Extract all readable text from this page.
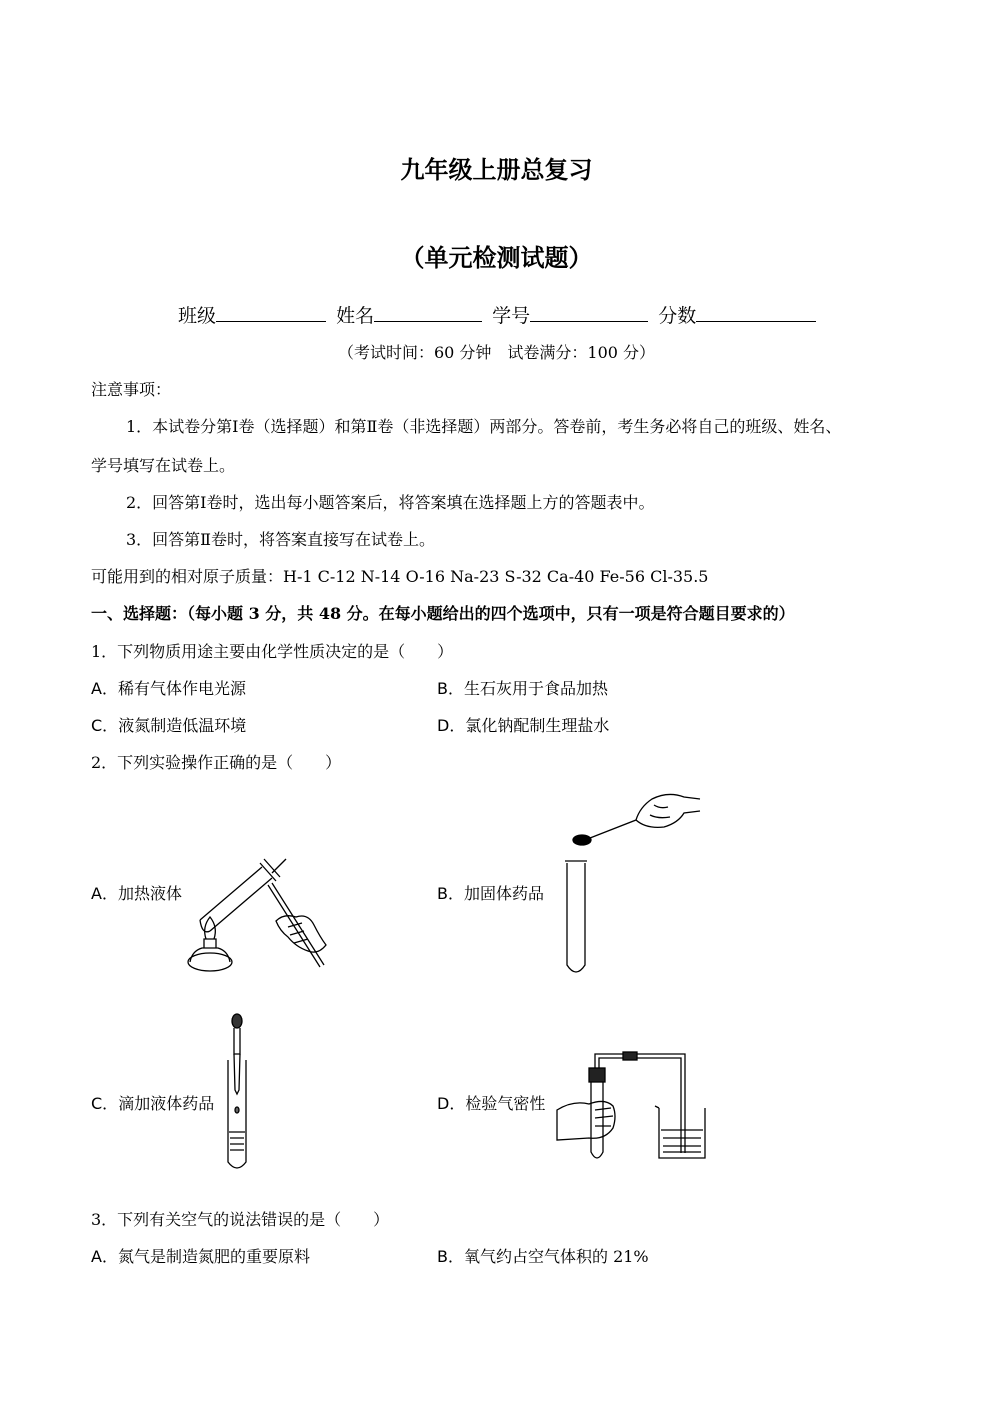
九年级上册总复习
（单元检测试题）
班级	姓名	学号	分数
（考试时间：60 分钟　试卷满分：100 分）
注意事项：
1．本试卷分第Ⅰ卷（选择题）和第Ⅱ卷（非选择题）两部分。答卷前，考生务必将自己的班级、姓名、
学号填写在试卷上。
2．回答第Ⅰ卷时，选出每小题答案后，将答案填在选择题上方的答题表中。
3．回答第Ⅱ卷时，将答案直接写在试卷上。
可能用到的相对原子质量：H-1 C-12 N-14 O-16 Na-23 S-32 Ca-40 Fe-56 Cl-35.5
一、选择题：（每小题 3 分，共 48 分。在每小题给出的四个选项中，只有一项是符合题目要求的）
1．下列物质用途主要由化学性质决定的是（　　）
A．稀有气体作电光源	B．生石灰用于食品加热
C．液氮制造低温环境	D．氯化钠配制生理盐水
2．下列实验操作正确的是（　　）
A．加热液体	B．加固体药品
C．滴加液体药品	D．检验气密性
3．下列有关空气的说法错误的是（　　）
A．氮气是制造氮肥的重要原料	B．氧气约占空气体积的 21%
